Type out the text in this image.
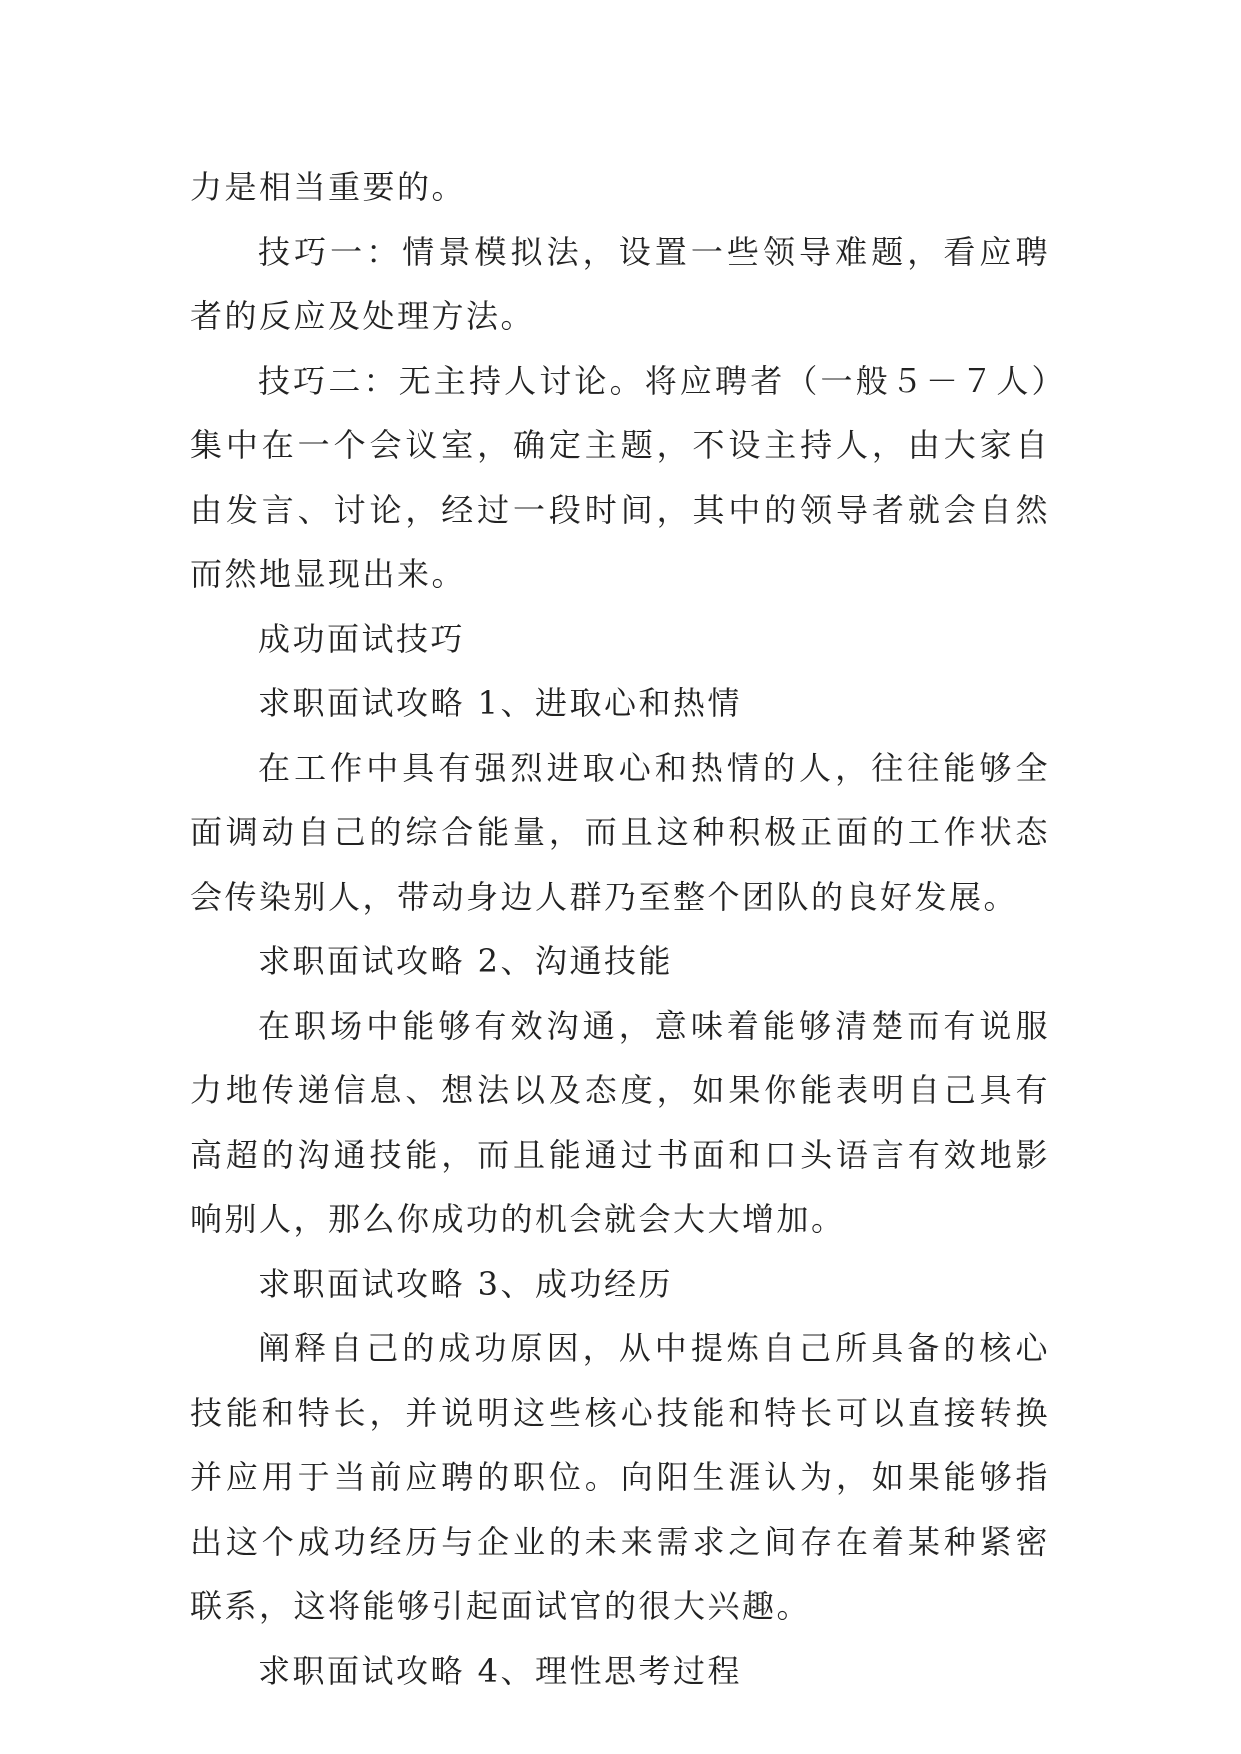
力是相当重要的。

技巧一：情景模拟法，设置一些领导难题，看应聘者的反应及处理方法。

技巧二：无主持人讨论。将应聘者（一般５－７人）集中在一个会议室，确定主题，不设主持人，由大家自由发言、讨论，经过一段时间，其中的领导者就会自然而然地显现出来。

成功面试技巧

求职面试攻略 1、进取心和热情

在工作中具有强烈进取心和热情的人，往往能够全面调动自己的综合能量，而且这种积极正面的工作状态会传染别人，带动身边人群乃至整个团队的良好发展。

求职面试攻略 2、沟通技能

在职场中能够有效沟通，意味着能够清楚而有说服力地传递信息、想法以及态度，如果你能表明自己具有高超的沟通技能，而且能通过书面和口头语言有效地影响别人，那么你成功的机会就会大大增加。

求职面试攻略 3、成功经历

阐释自己的成功原因，从中提炼自己所具备的核心技能和特长，并说明这些核心技能和特长可以直接转换并应用于当前应聘的职位。向阳生涯认为，如果能够指出这个成功经历与企业的未来需求之间存在着某种紧密联系，这将能够引起面试官的很大兴趣。

求职面试攻略 4、理性思考过程
